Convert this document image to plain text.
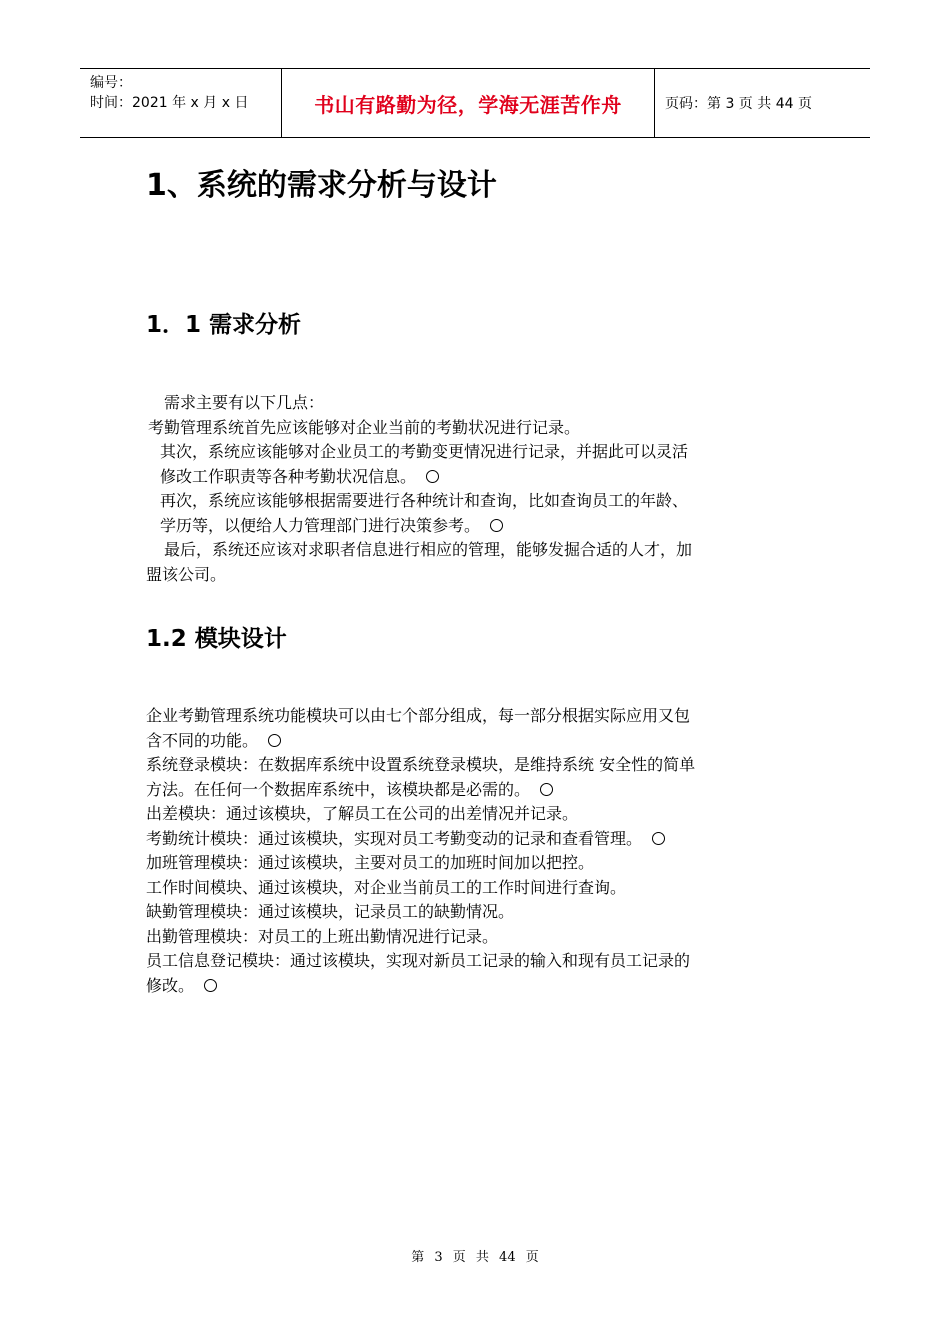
编号：
时间：2021 年 x 月 x 日	书山有路勤为径，学海无涯苦作舟	页码：第 3 页 共 44 页
1、系统的需求分析与设计
1．1 需求分析

需求主要有以下几点：

考勤管理系统首先应该能够对企业当前的考勤状况进行记录。

其次，系统应该能够对企业员工的考勤变更情况进行记录，并据此可以灵活

修改工作职责等各种考勤状况信息。

再次，系统应该能够根据需要进行各种统计和查询，比如查询员工的年龄、

学历等，以便给人力管理部门进行决策参考。

最后，系统还应该对求职者信息进行相应的管理，能够发掘合适的人才，加

盟该公司。

1.2 模块设计

企业考勤管理系统功能模块可以由七个部分组成，每一部分根据实际应用又包

含不同的功能。

系统登录模块：在数据库系统中设置系统登录模块，是维持系统 安全性的简单

方法。在任何一个数据库系统中，该模块都是必需的。

出差模块：通过该模块，了解员工在公司的出差情况并记录。

考勤统计模块：通过该模块，实现对员工考勤变动的记录和查看管理。

加班管理模块：通过该模块，主要对员工的加班时间加以把控。

工作时间模块、通过该模块，对企业当前员工的工作时间进行查询。

缺勤管理模块：通过该模块，记录员工的缺勤情况。

出勤管理模块：对员工的上班出勤情况进行记录。

员工信息登记模块：通过该模块，实现对新员工记录的输入和现有员工记录的

修改。

第 3 页 共 44 页
